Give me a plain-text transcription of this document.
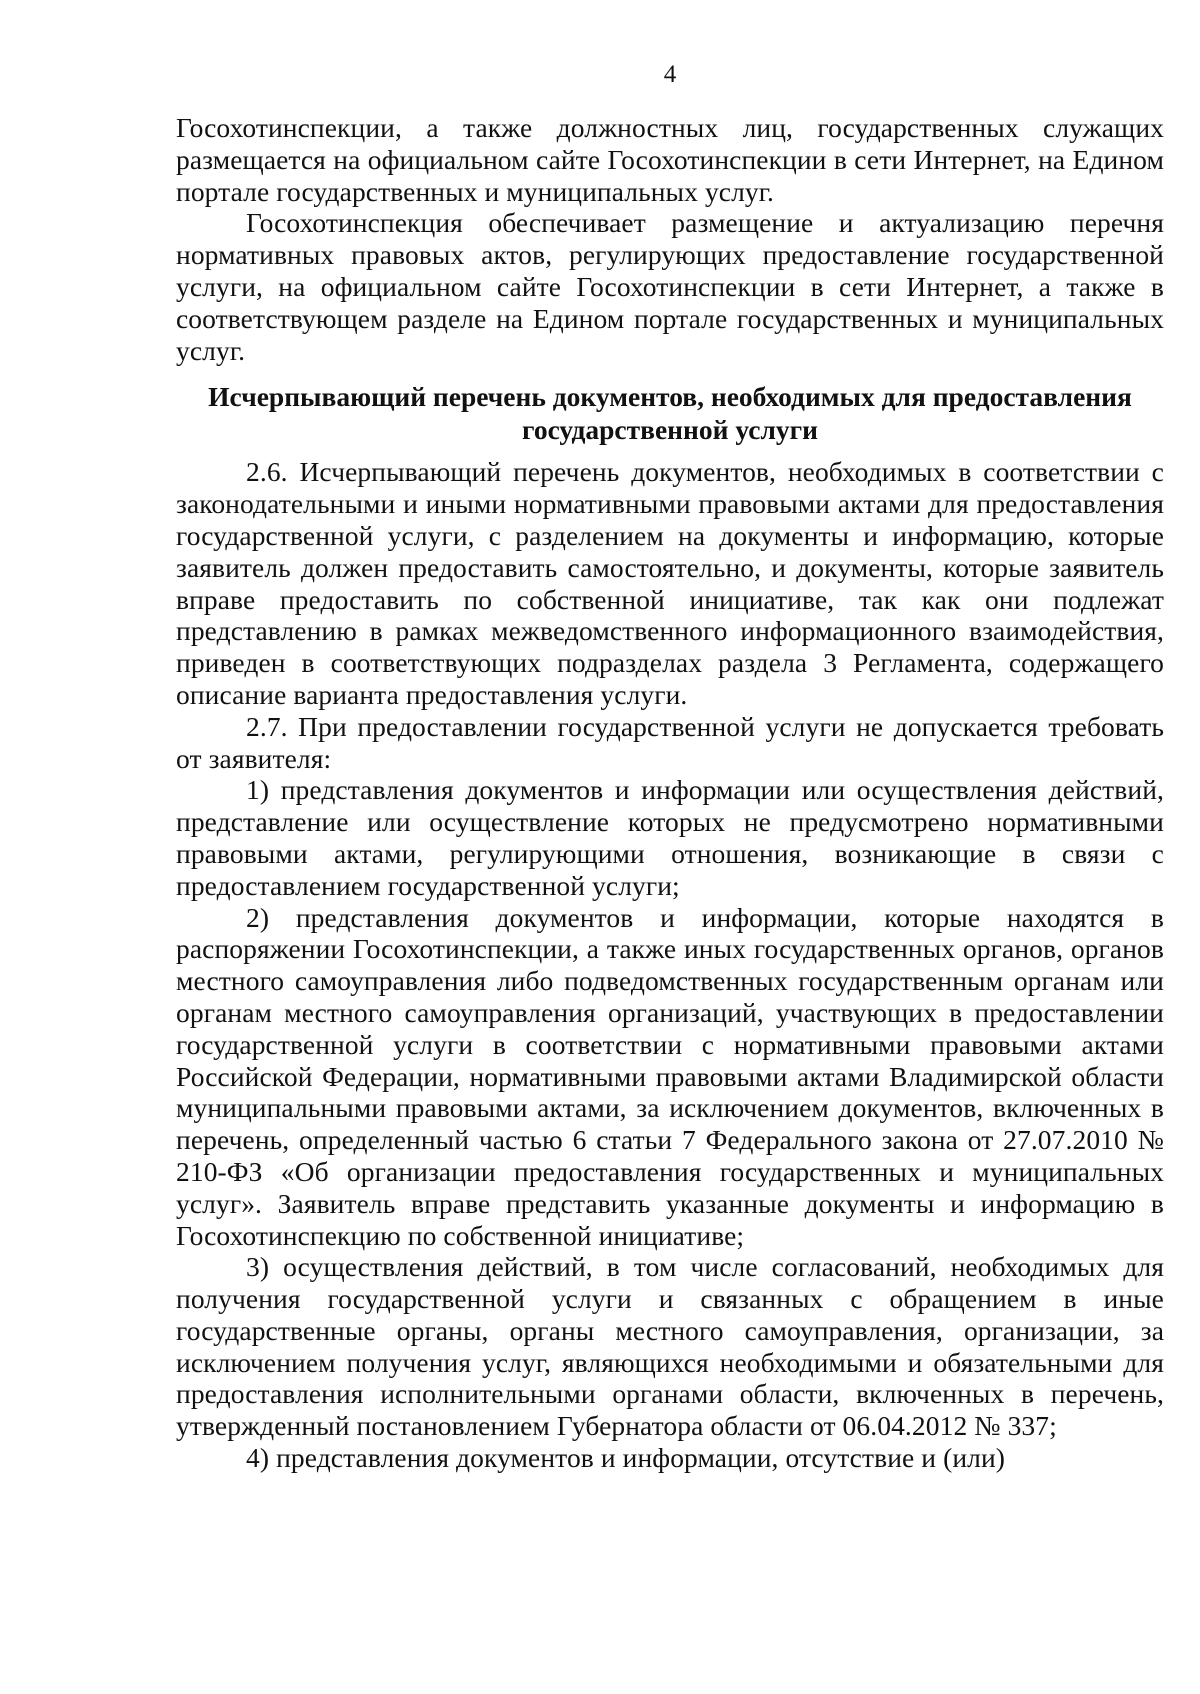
4

Госохотинспекции, а также должностных лиц, государственных служащих размещается на официальном сайте Госохотинспекции в сети Интернет, на Едином портале государственных и муниципальных услуг.

Госохотинспекция обеспечивает размещение и актуализацию перечня нормативных правовых актов, регулирующих предоставление государственной услуги, на официальном сайте Госохотинспекции в сети Интернет, а также в соответствующем разделе на Едином портале государственных и муниципальных услуг.

Исчерпывающий перечень документов, необходимых для предоставления
государственной услуги

2.6. Исчерпывающий перечень документов, необходимых в соответствии с законодательными и иными нормативными правовыми актами для предоставления государственной услуги, с разделением на документы и информацию, которые заявитель должен предоставить самостоятельно, и документы, которые заявитель вправе предоставить по собственной инициативе, так как они подлежат представлению в рамках межведомственного информационного взаимодействия, приведен в соответствующих подразделах раздела 3 Регламента, содержащего описание варианта предоставления услуги.

2.7. При предоставлении государственной услуги не допускается требовать от заявителя:

1) представления документов и информации или осуществления действий, представление или осуществление которых не предусмотрено нормативными правовыми актами, регулирующими отношения, возникающие в связи с предоставлением государственной услуги;

2) представления документов и информации, которые находятся в распоряжении Госохотинспекции, а также иных государственных органов, органов местного самоуправления либо подведомственных государственным органам или органам местного самоуправления организаций, участвующих в предоставлении государственной услуги в соответствии с нормативными правовыми актами Российской Федерации, нормативными правовыми актами Владимирской области муниципальными правовыми актами, за исключением документов, включенных в перечень, определенный частью 6 статьи 7 Федерального закона от 27.07.2010 № 210-ФЗ «Об организации предоставления государственных и муниципальных услуг». Заявитель вправе представить указанные документы и информацию в Госохотинспекцию по собственной инициативе;

3) осуществления действий, в том числе согласований, необходимых для получения государственной услуги и связанных с обращением в иные государственные органы, органы местного самоуправления, организации, за исключением получения услуг, являющихся необходимыми и обязательными для предоставления исполнительными органами области, включенных в перечень, утвержденный постановлением Губернатора области от 06.04.2012 № 337;

4) представления документов и информации, отсутствие и (или)
